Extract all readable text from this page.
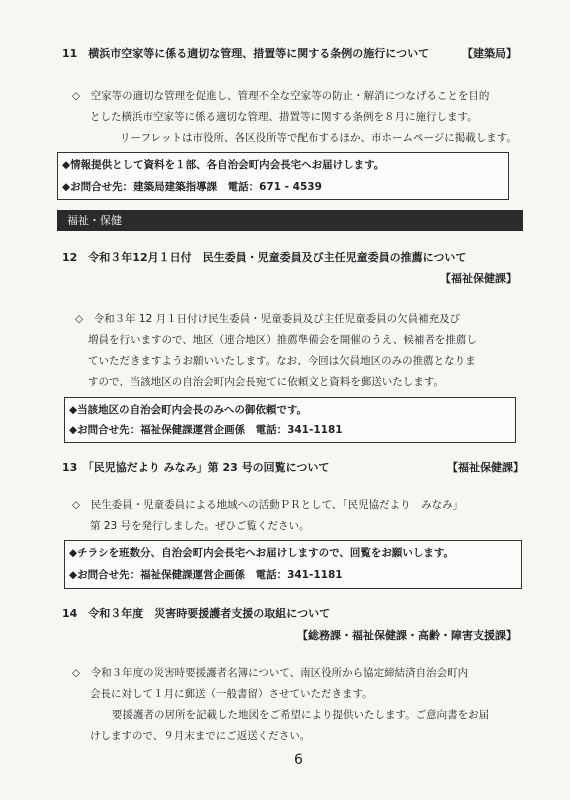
11　横浜市空家等に係る適切な管理、措置等に関する条例の施行について	【建築局】
◇　空家等の適切な管理を促進し、管理不全な空家等の防止・解消につなげることを目的
とした横浜市空家等に係る適切な管理、措置等に関する条例を８月に施行します。
リーフレットは市役所、各区役所等で配布するほか、市ホームページに掲載します。
◆情報提供として資料を１部、各自治会町内会長宅へお届けします。
◆お問合せ先：建築局建築指導課　電話：671 - 4539
福祉・保健
12　令和３年12月１日付　民生委員・児童委員及び主任児童委員の推薦について
【福祉保健課】
◇　令和３年 12 月１日付け民生委員・児童委員及び主任児童委員の欠員補充及び
増員を行いますので、地区（連合地区）推薦準備会を開催のうえ、候補者を推薦し
ていただきますようお願いいたします。なお、今回は欠員地区のみの推薦となりま
すので、当該地区の自治会町内会長宛てに依頼文と資料を郵送いたします。
◆当該地区の自治会町内会長のみへの御依頼です。
◆お問合せ先：福祉保健課運営企画係　電話：341-1181
13　「民児協だより みなみ」第 23 号の回覧について	【福祉保健課】
◇　民生委員・児童委員による地域への活動ＰＲとして、「民児協だより　みなみ」
第 23 号を発行しました。ぜひご覧ください。
◆チラシを班数分、自治会町内会長宅へお届けしますので、回覧をお願いします。
◆お問合せ先：福祉保健課運営企画係　電話：341-1181
14　令和３年度　災害時要援護者支援の取組について
【総務課・福祉保健課・高齢・障害支援課】
◇　令和３年度の災害時要援護者名簿について、南区役所から協定締結済自治会町内
会長に対して１月に郵送（一般書留）させていただきます。
要援護者の居所を記載した地図をご希望により提供いたします。ご意向書をお届
けしますので、９月末までにご返送ください。
6
